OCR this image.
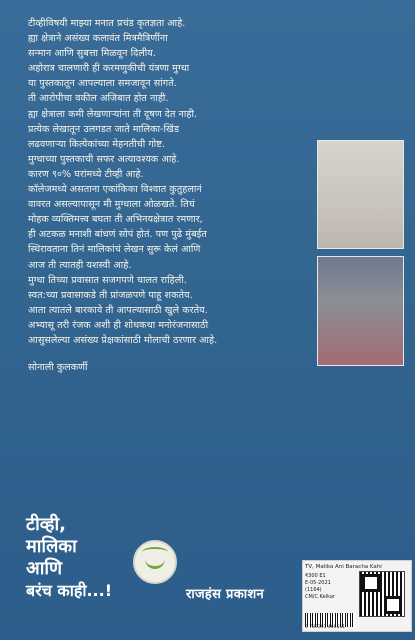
टीव्हीविषयी माझ्या मनात प्रचंड कृतज्ञता आहे.
ह्या क्षेत्राने असंख्य कलावंत मित्रमैत्रिणींना
सन्मान आणि सुबत्ता मिळवून दिलीय.
अहोरात्र चालणारी ही करमणुकीची यंत्रणा मुग्धा
या पुस्तकातून आपल्याला समजावून सांगते.
ती आरोपीचा वकील अजिबात होत नाही.
ह्या क्षेत्राला कमी लेखणाऱ्यांना ती दूषण देत नाही.
प्रत्येक लेखातून उलगडत जाते मालिका-खिंड
लढवणाऱ्या कित्येकांच्या मेहनतीची गोष्ट.
मुग्धाच्या पुस्तकाची सफर अत्यावश्यक आहे.
कारण ९०% घरांमध्ये टीव्ही आहे.
कॉलेजमध्ये असताना एकांकिका विश्वात कुतुहलानं
वावरत असल्यापासून मी मुग्धाला ओळखते. तिचं
मोहक व्यक्तिमत्त्व बघता ती अभिनयक्षेत्रात रमणार,
ही अटकळ मनाशी बांधणं सोपं होतं. पण पुढे मुंबईत
स्थिरावताना तिनं मालिकांचं लेखन सुरू केलं आणि
आज ती त्यातही यशस्वी आहे.
मुग्धा तिच्या प्रवासात सजगपणे चालत राहिली.
स्वत:च्या प्रवासाकडे ती प्रांजळपणे पाहू शकतेय.
आता त्यातले बारकावे ती आपल्यासाठी खुले करतेय.
अभ्यासू तरी रंजक अशी ही शोधकथा मनोरंजनासाठी
आसुसलेल्या असंख्य प्रेक्षकांसाठी मोलाची ठरणार आहे.
सोनाली कुलकर्णी
टीव्ही,
मालिका
आणि
बरंच काही...!	राजहंस प्रकाशन
TV, Malika Ani Baracha Kahi
₹300 E1
E-05-2021
(1164)
CM/C.Kelkar
9 789391 469551
